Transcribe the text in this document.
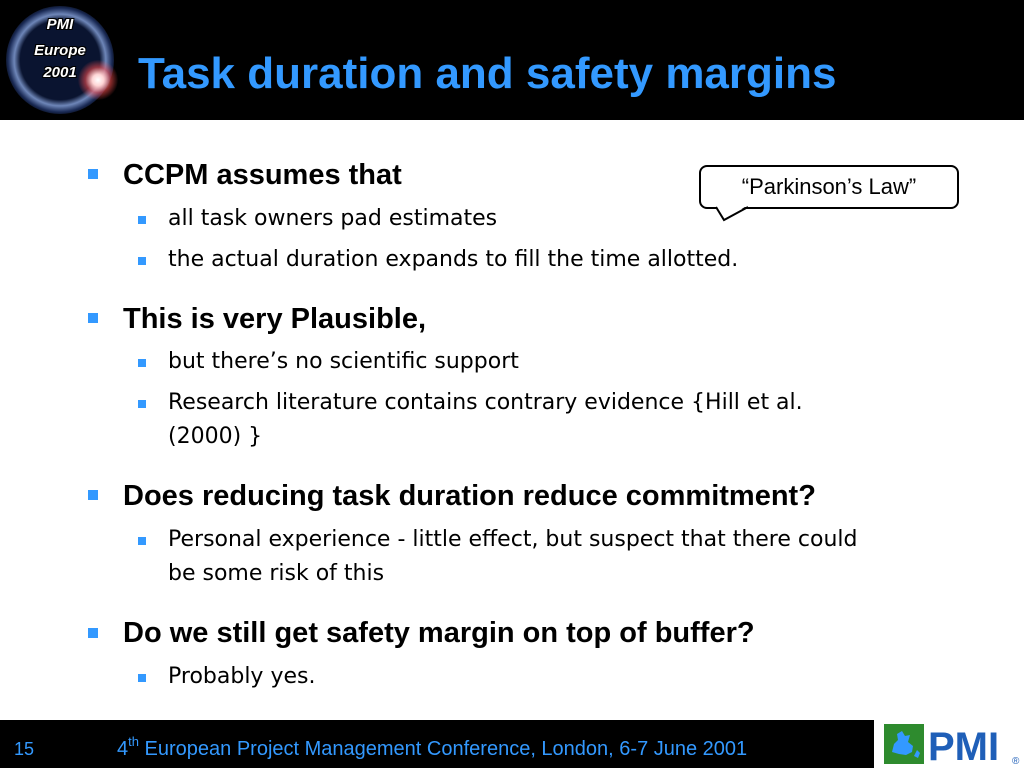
PMI
Europe
2001	Task duration and safety margins

CCPM assumes that

all task owners pad estimates

the actual duration expands to fill the time allotted.

This is very Plausible,

but there’s no scientific support

Research literature contains contrary evidence {Hill et al.

(2000) }

Does reducing task duration reduce commitment?

Personal experience - little effect, but suspect that there could

be some risk of this

Do we still get safety margin on top of buffer?

Probably yes.

“Parkinson’s Law”
15	4th European Project Management Conference, London, 6-7 June 2001	PMI ®
